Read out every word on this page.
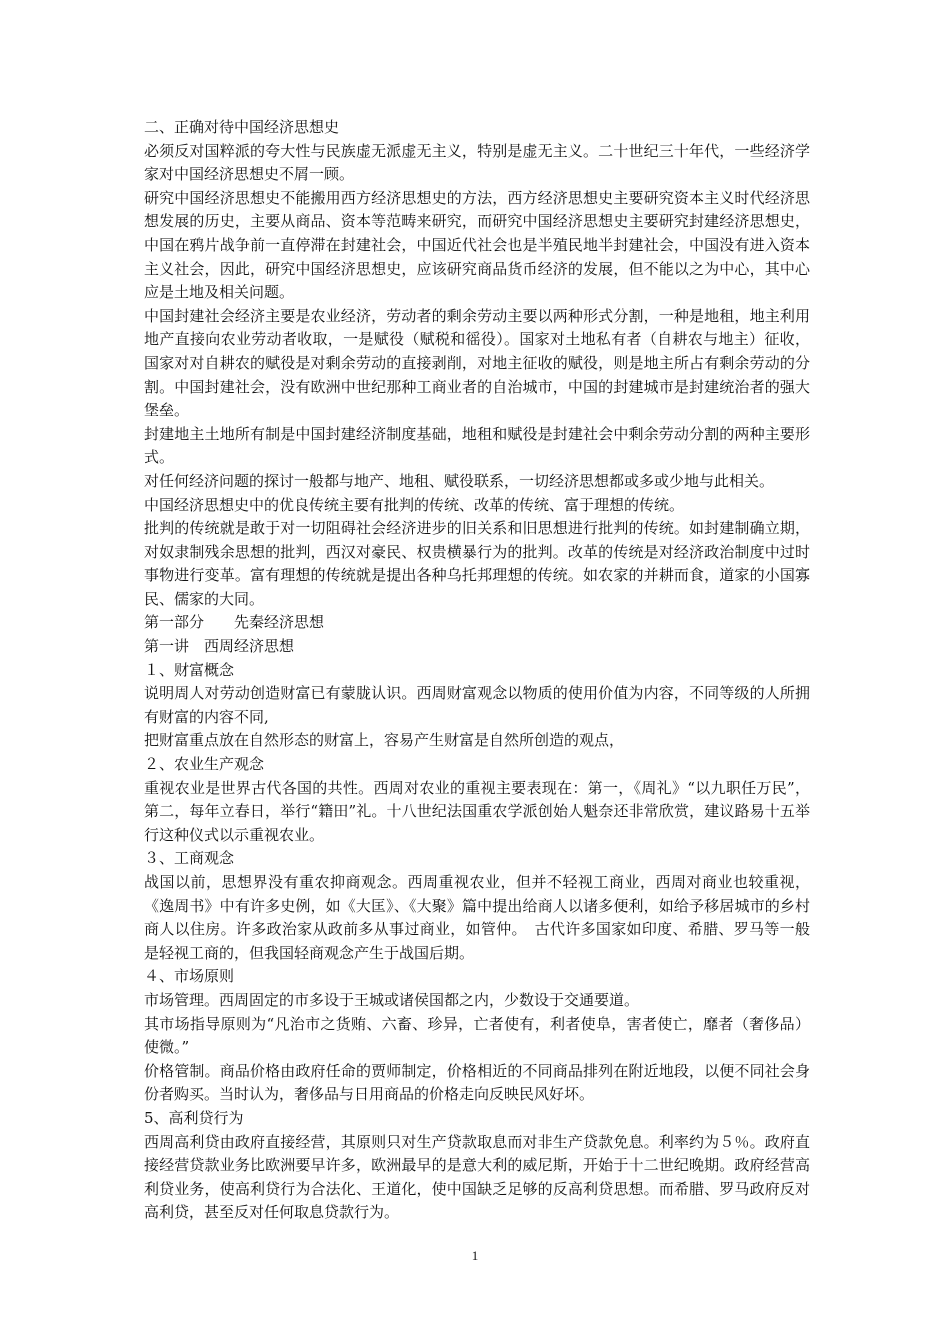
二、正确对待中国经济思想史

必须反对国粹派的夸大性与民族虚无派虚无主义，特别是虚无主义。二十世纪三十年代，一些经济学家对中国经济思想史不屑一顾。

研究中国经济思想史不能搬用西方经济思想史的方法，西方经济思想史主要研究资本主义时代经济思想发展的历史，主要从商品、资本等范畴来研究，而研究中国经济思想史主要研究封建经济思想史，中国在鸦片战争前一直停滞在封建社会，中国近代社会也是半殖民地半封建社会，中国没有进入资本主义社会，因此，研究中国经济思想史，应该研究商品货币经济的发展，但不能以之为中心，其中心应是土地及相关问题。

中国封建社会经济主要是农业经济，劳动者的剩余劳动主要以两种形式分割，一种是地租，地主利用地产直接向农业劳动者收取，一是赋役（赋税和徭役）。国家对土地私有者（自耕农与地主）征收，国家对对自耕农的赋役是对剩余劳动的直接剥削，对地主征收的赋役，则是地主所占有剩余劳动的分割。中国封建社会，没有欧洲中世纪那种工商业者的自治城市，中国的封建城市是封建统治者的强大堡垒。

封建地主土地所有制是中国封建经济制度基础，地租和赋役是封建社会中剩余劳动分割的两种主要形式。

对任何经济问题的探讨一般都与地产、地租、赋役联系，一切经济思想都或多或少地与此相关。

中国经济思想史中的优良传统主要有批判的传统、改革的传统、富于理想的传统。

批判的传统就是敢于对一切阻碍社会经济进步的旧关系和旧思想进行批判的传统。如封建制确立期，对奴隶制残余思想的批判，西汉对豪民、权贵横暴行为的批判。改革的传统是对经济政治制度中过时事物进行变革。富有理想的传统就是提出各种乌托邦理想的传统。如农家的并耕而食，道家的小国寡民、儒家的大同。

第一部分　　先秦经济思想

第一讲　西周经济思想

１、财富概念

说明周人对劳动创造财富已有蒙胧认识。西周财富观念以物质的使用价值为内容，不同等级的人所拥有财富的内容不同,

把财富重点放在自然形态的财富上，容易产生财富是自然所创造的观点，

２、农业生产观念

重视农业是世界古代各国的共性。西周对农业的重视主要表现在：第一，《周礼》“以九职任万民”，第二，每年立春日，举行“籍田”礼。十八世纪法国重农学派创始人魁奈还非常欣赏，建议路易十五举行这种仪式以示重视农业。

３、工商观念

战国以前，思想界没有重农抑商观念。西周重视农业，但并不轻视工商业，西周对商业也较重视，《逸周书》中有许多史例，如《大匡》、《大聚》篇中提出给商人以诸多便利，如给予移居城市的乡村商人以住房。许多政治家从政前多从事过商业，如管仲。　古代许多国家如印度、希腊、罗马等一般是轻视工商的，但我国轻商观念产生于战国后期。

４、市场原则

市场管理。西周固定的市多设于王城或诸侯国都之内，少数设于交通要道。

其市场指导原则为“凡治市之货贿、六畜、珍异，亡者使有，利者使阜，害者使亡，靡者（奢侈品）使微。”

价格管制。商品价格由政府任命的贾师制定，价格相近的不同商品排列在附近地段，以便不同社会身份者购买。当时认为，奢侈品与日用商品的价格走向反映民风好坏。

5、高利贷行为

西周高利贷由政府直接经营，其原则只对生产贷款取息而对非生产贷款免息。利率约为５％。政府直接经营贷款业务比欧洲要早许多，欧洲最早的是意大利的威尼斯，开始于十二世纪晚期。政府经营高利贷业务，使高利贷行为合法化、王道化，使中国缺乏足够的反高利贷思想。而希腊、罗马政府反对高利贷，甚至反对任何取息贷款行为。

1
